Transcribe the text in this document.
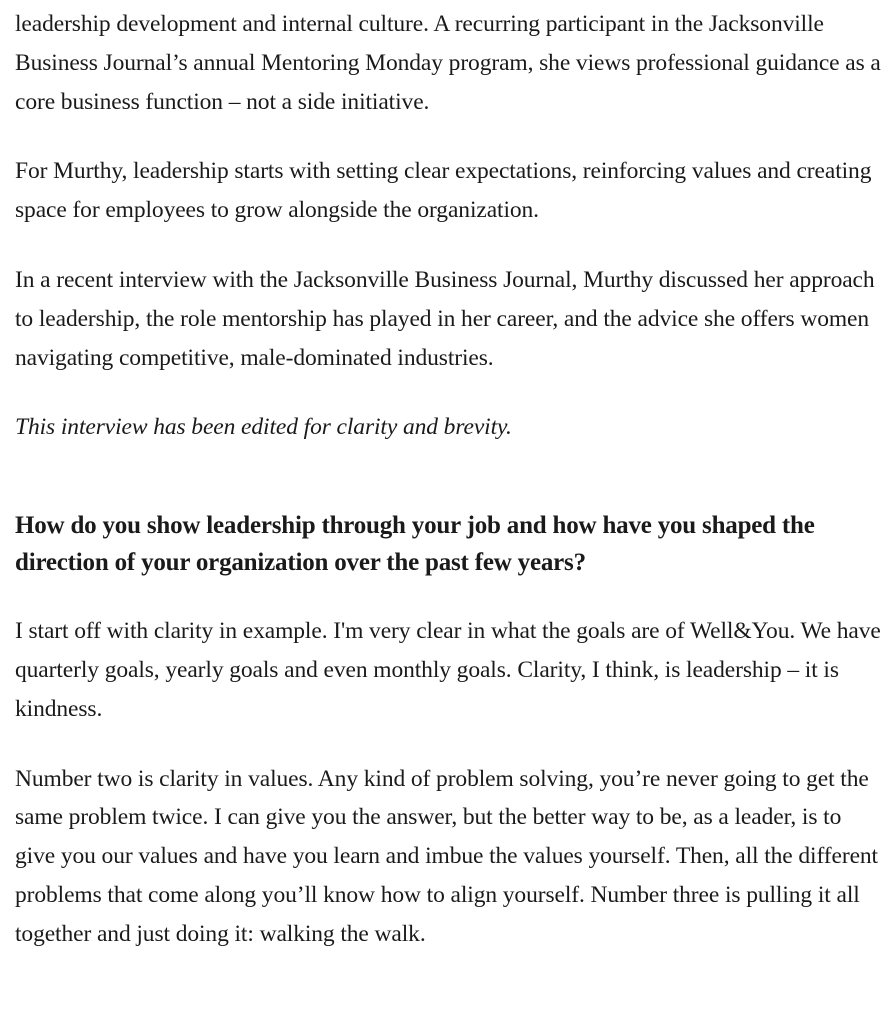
leadership development and internal culture. A recurring participant in the Jacksonville Business Journal’s annual Mentoring Monday program, she views professional guidance as a core business function – not a side initiative.

For Murthy, leadership starts with setting clear expectations, reinforcing values and creating space for employees to grow alongside the organization.

In a recent interview with the Jacksonville Business Journal, Murthy discussed her approach to leadership, the role mentorship has played in her career, and the advice she offers women navigating competitive, male-dominated industries.

This interview has been edited for clarity and brevity.

How do you show leadership through your job and how have you shaped the direction of your organization over the past few years?

I start off with clarity in example. I'm very clear in what the goals are of Well&You. We have quarterly goals, yearly goals and even monthly goals. Clarity, I think, is leadership – it is kindness.

Number two is clarity in values. Any kind of problem solving, you’re never going to get the same problem twice. I can give you the answer, but the better way to be, as a leader, is to give you our values and have you learn and imbue the values yourself. Then, all the different problems that come along you’ll know how to align yourself. Number three is pulling it all together and just doing it: walking the walk.
